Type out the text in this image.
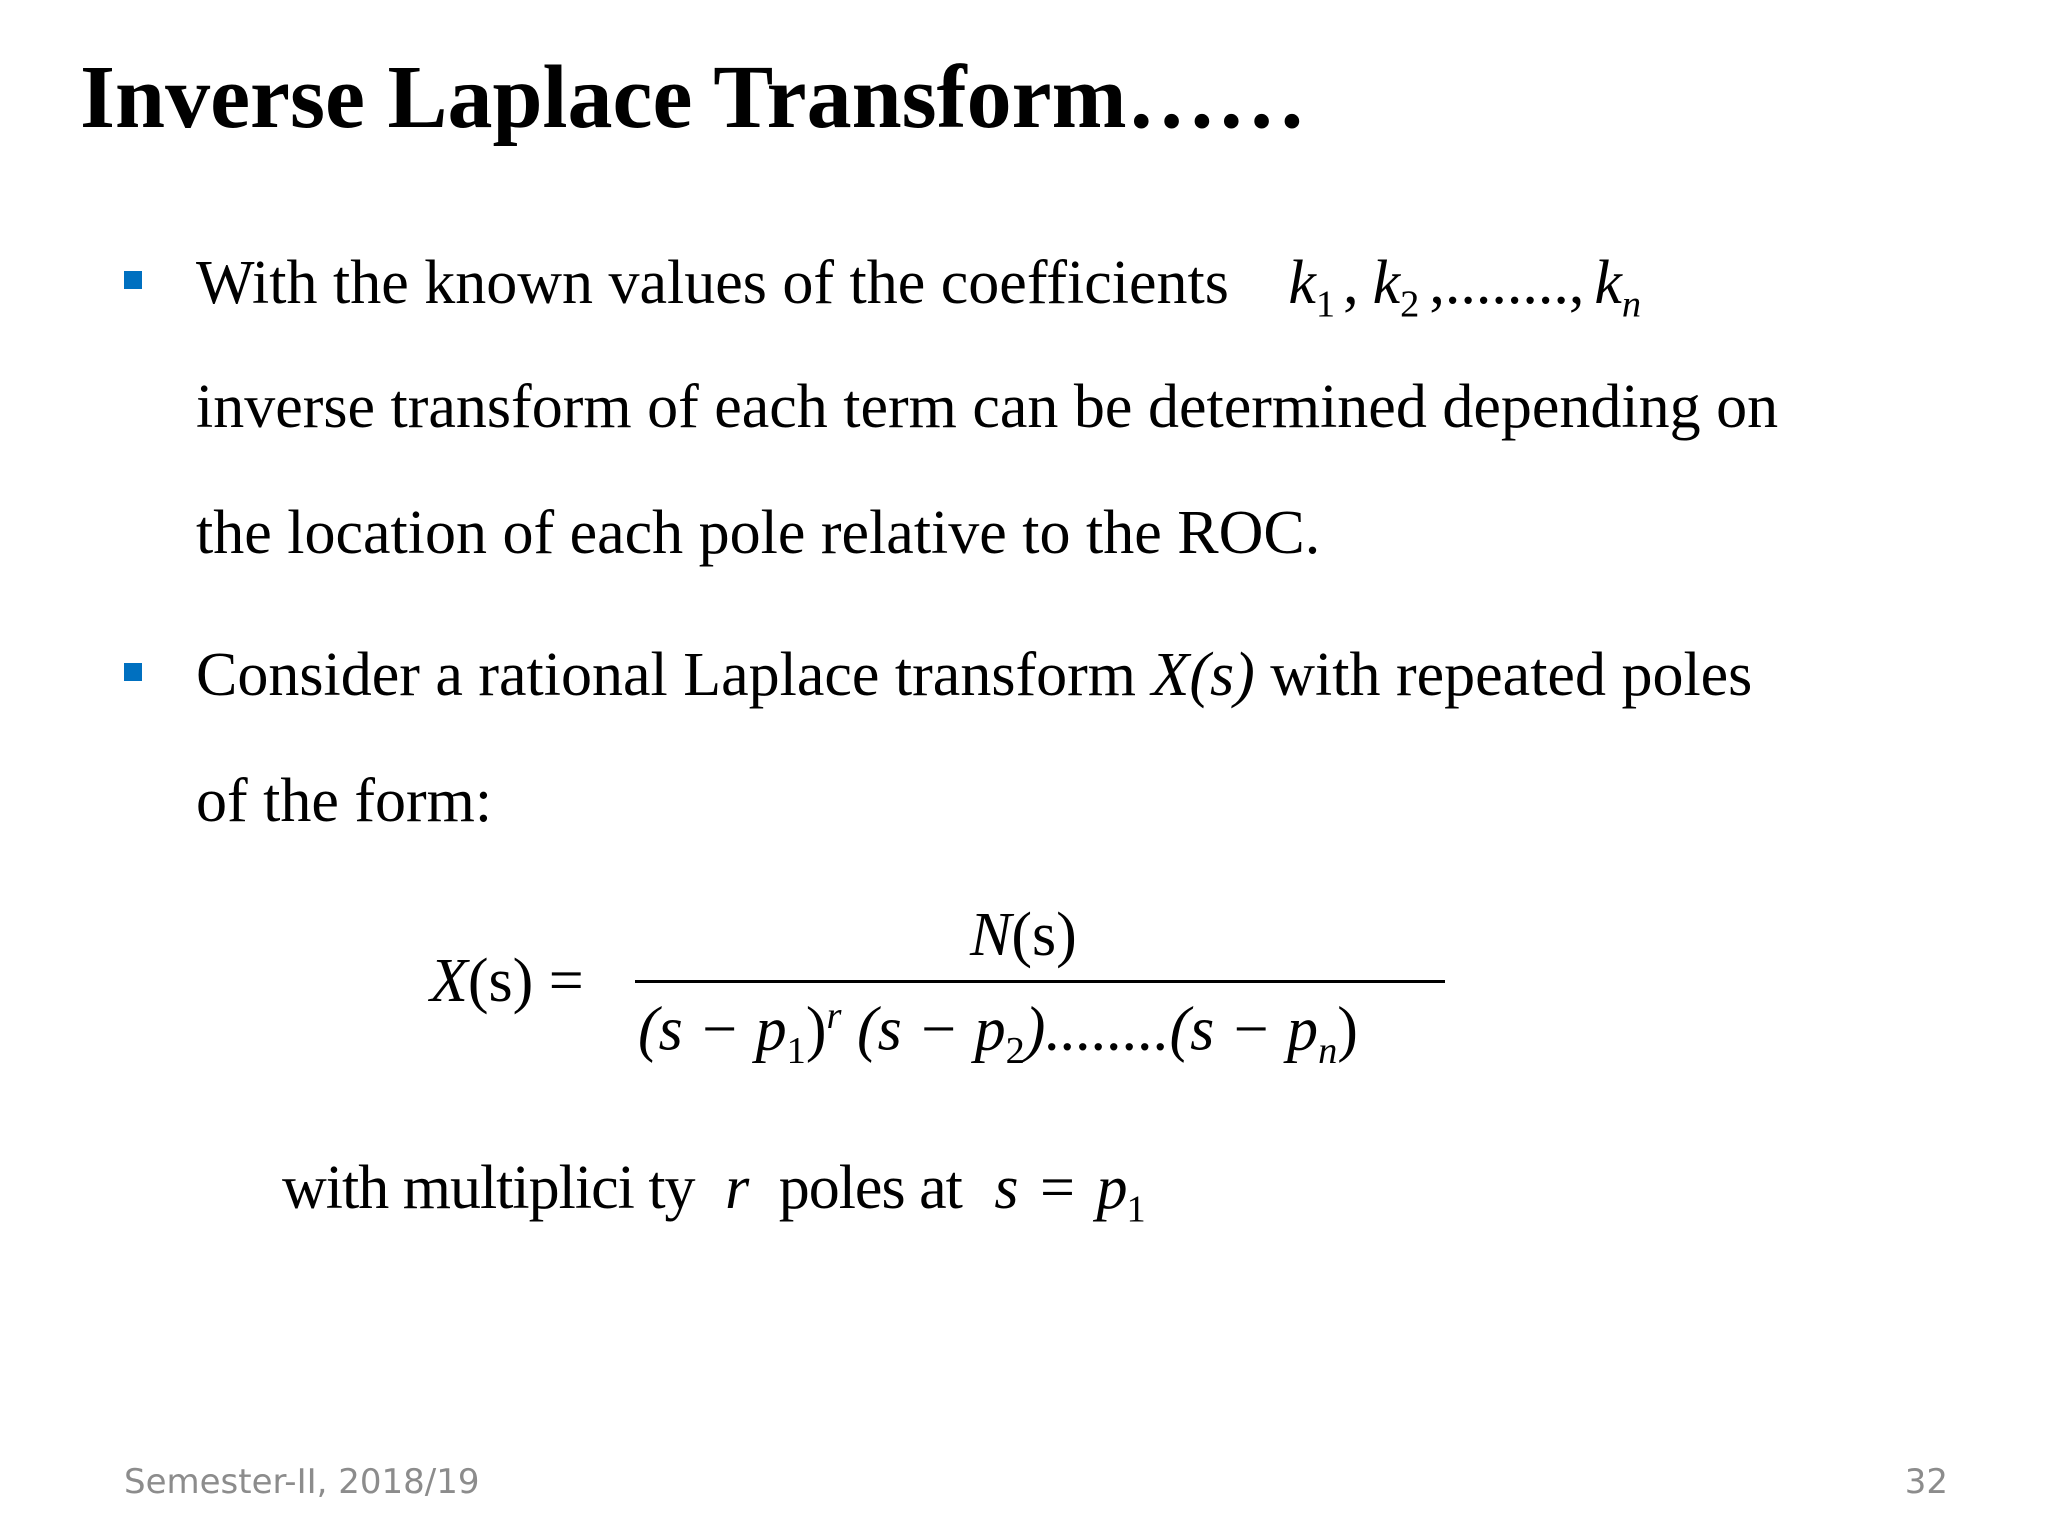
Inverse Laplace Transform……
With the known values of the coefficients $k_1$ , $k_2$ ,........, $k_n$
inverse transform of each term can be determined depending on
the location of each pole relative to the ROC.
Consider a rational Laplace transform X(s) with repeated poles
of the form:
X(s) =
N(s)
$(s - p_1)^r$ $(s - p_2)........(s - p_n)$
with multiplici ty r poles at $s = p_1$
Semester-II, 2018/19	32
